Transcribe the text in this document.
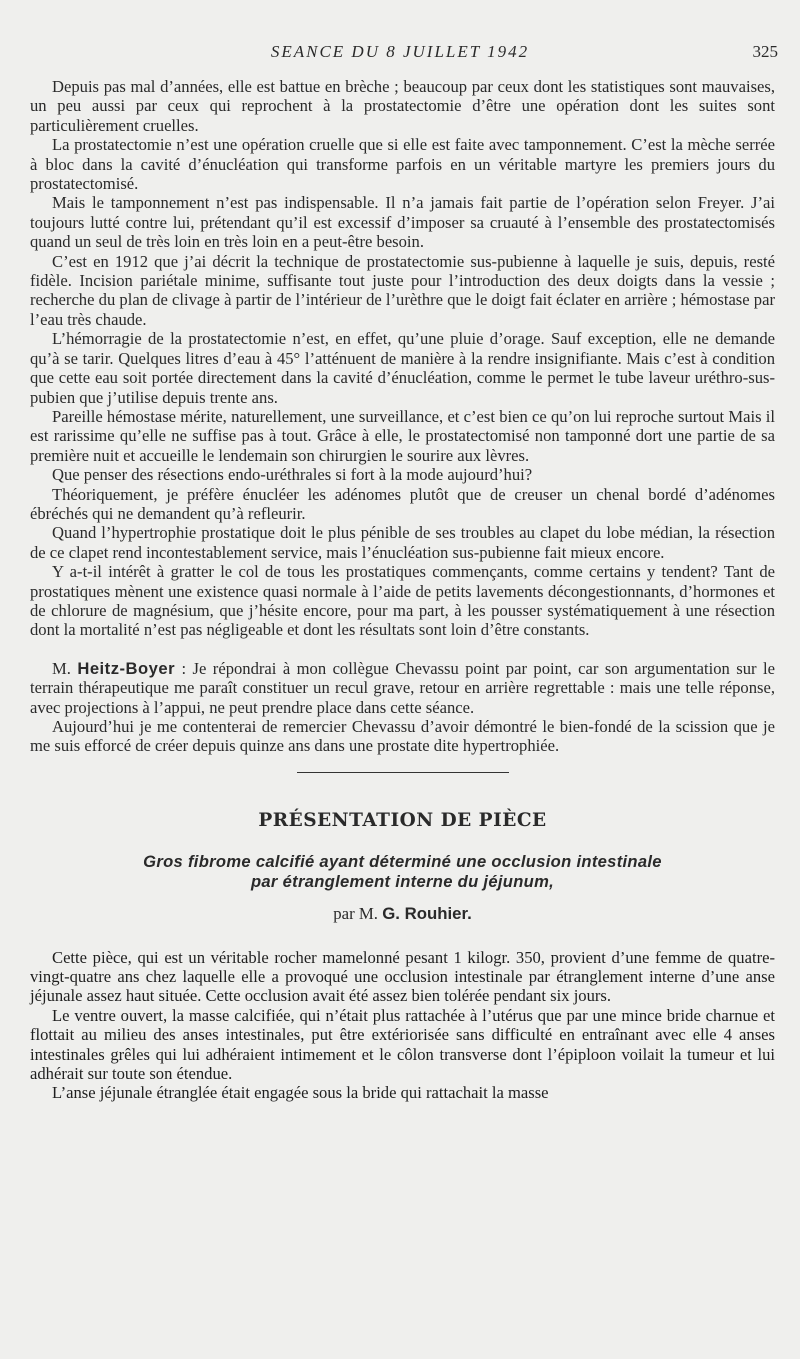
SEANCE DU 8 JUILLET 1942	325

Depuis pas mal d’années, elle est battue en brèche ; beaucoup par ceux dont les statistiques sont mauvaises, un peu aussi par ceux qui reprochent à la prostatectomie d’être une opération dont les suites sont particulièrement cruelles.

La prostatectomie n’est une opération cruelle que si elle est faite avec tamponnement. C’est la mèche serrée à bloc dans la cavité d’énucléation qui transforme parfois en un véritable martyre les premiers jours du prostatectomisé.

Mais le tamponnement n’est pas indispensable. Il n’a jamais fait partie de l’opération selon Freyer. J’ai toujours lutté contre lui, prétendant qu’il est excessif d’imposer sa cruauté à l’ensemble des prostatectomisés quand un seul de très loin en très loin en a peut-être besoin.

C’est en 1912 que j’ai décrit la technique de prostatectomie sus-pubienne à laquelle je suis, depuis, resté fidèle. Incision pariétale minime, suffisante tout juste pour l’introduction des deux doigts dans la vessie ; recherche du plan de clivage à partir de l’intérieur de l’urèthre que le doigt fait éclater en arrière ; hémostase par l’eau très chaude.

L’hémorragie de la prostatectomie n’est, en effet, qu’une pluie d’orage. Sauf exception, elle ne demande qu’à se tarir. Quelques litres d’eau à 45° l’atténuent de manière à la rendre insignifiante. Mais c’est à condition que cette eau soit portée directement dans la cavité d’énucléation, comme le permet le tube laveur uréthro-sus-pubien que j’utilise depuis trente ans.

Pareille hémostase mérite, naturellement, une surveillance, et c’est bien ce qu’on lui reproche surtout Mais il est rarissime qu’elle ne suffise pas à tout. Grâce à elle, le prostatectomisé non tamponné dort une partie de sa première nuit et accueille le lendemain son chirurgien le sourire aux lèvres.

Que penser des résections endo-uréthrales si fort à la mode aujourd’hui?

Théoriquement, je préfère énucléer les adénomes plutôt que de creuser un chenal bordé d’adénomes ébréchés qui ne demandent qu’à refleurir.

Quand l’hypertrophie prostatique doit le plus pénible de ses troubles au clapet du lobe médian, la résection de ce clapet rend incontestablement service, mais l’énucléation sus-pubienne fait mieux encore.

Y a-t-il intérêt à gratter le col de tous les prostatiques commençants, comme certains y tendent? Tant de prostatiques mènent une existence quasi normale à l’aide de petits lavements décongestionnants, d’hormones et de chlorure de magnésium, que j’hésite encore, pour ma part, à les pousser systématiquement à une résection dont la mortalité n’est pas négligeable et dont les résultats sont loin d’être constants.

M. Heitz-Boyer : Je répondrai à mon collègue Chevassu point par point, car son argumentation sur le terrain thérapeutique me paraît constituer un recul grave, retour en arrière regrettable : mais une telle réponse, avec projections à l’appui, ne peut prendre place dans cette séance.

Aujourd’hui je me contenterai de remercier Chevassu d’avoir démontré le bien-fondé de la scission que je me suis efforcé de créer depuis quinze ans dans une prostate dite hypertrophiée.

PRÉSENTATION DE PIÈCE
Gros fibrome calcifié ayant déterminé une occlusion intestinale
par étranglement interne du jéjunum,
par M. G. Rouhier.

Cette pièce, qui est un véritable rocher mamelonné pesant 1 kilogr. 350, provient d’une femme de quatre-vingt-quatre ans chez laquelle elle a provoqué une occlusion intestinale par étranglement interne d’une anse jéjunale assez haut située. Cette occlusion avait été assez bien tolérée pendant six jours.

Le ventre ouvert, la masse calcifiée, qui n’était plus rattachée à l’utérus que par une mince bride charnue et flottait au milieu des anses intestinales, put être extériorisée sans difficulté en entraînant avec elle 4 anses intestinales grêles qui lui adhéraient intimement et le côlon transverse dont l’épiploon voilait la tumeur et lui adhérait sur toute son étendue.

L’anse jéjunale étranglée était engagée sous la bride qui rattachait la masse
